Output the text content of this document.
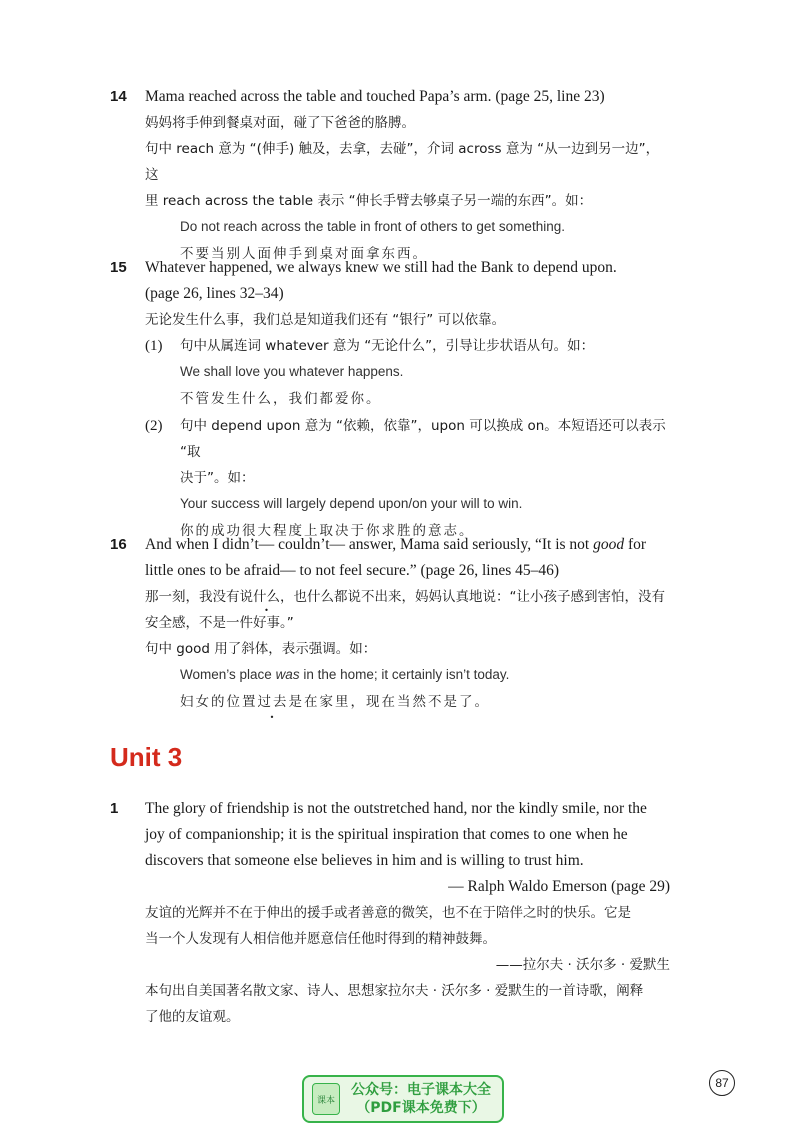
14 Mama reached across the table and touched Papa’s arm. (page 25, line 23)
妈妈将手伸到餐桌对面，碰了下爸爸的胳膊。
句中 reach 意为 “(伸手) 触及，去拿，去碰”，介词 across 意为 “从一边到另一边”，这
里 reach across the table 表示 “伸长手臂去够桌子另一端的东西”。如：
Do not reach across the table in front of others to get something.
不要当别人面伸手到桌对面拿东西。
15 Whatever happened, we always knew we still had the Bank to depend upon.
(page 26, lines 32–34)
无论发生什么事，我们总是知道我们还有 “银行” 可以依靠。
(1) 句中从属连词 whatever 意为 “无论什么”，引导让步状语从句。如：
We shall love you whatever happens.
不管发生什么，我们都爱你。
(2) 句中 depend upon 意为 “依赖，依靠”，upon 可以换成 on。本短语还可以表示 “取
决于”。如：
Your success will largely depend upon/on your will to win.
你的成功很大程度上取决于你求胜的意志。
16 And when I didn’t— couldn’t— answer, Mama said seriously, “It is not good for
little ones to be afraid— to not feel secure.” (page 26, lines 45–46)
那一刻，我没有说什么，也什么都说不出来，妈妈认真地说：“让小孩子感到害怕，没有
安全感，不是一件好事。”
句中 good 用了斜体，表示强调。如：
Women’s place was in the home; it certainly isn’t today.
妇女的位置过去是在家里，现在当然不是了。
Unit 3
1 The glory of friendship is not the outstretched hand, nor the kindly smile, nor the
joy of companionship; it is the spiritual inspiration that comes to one when he
discovers that someone else believes in him and is willing to trust him.
— Ralph Waldo Emerson (page 29)
友谊的光辉并不在于伸出的援手或者善意的微笑，也不在于陪伴之时的快乐。它是
当一个人发现有人相信他并愿意信任他时得到的精神鼓舞。
——拉尔夫 · 沃尔多 · 爱默生
本句出自美国著名散文家、诗人、思想家拉尔夫 · 沃尔多 · 爱默生的一首诗歌，阐释
了他的友谊观。
课本
公众号：电子课本大全
（PDF课本免费下）
87
